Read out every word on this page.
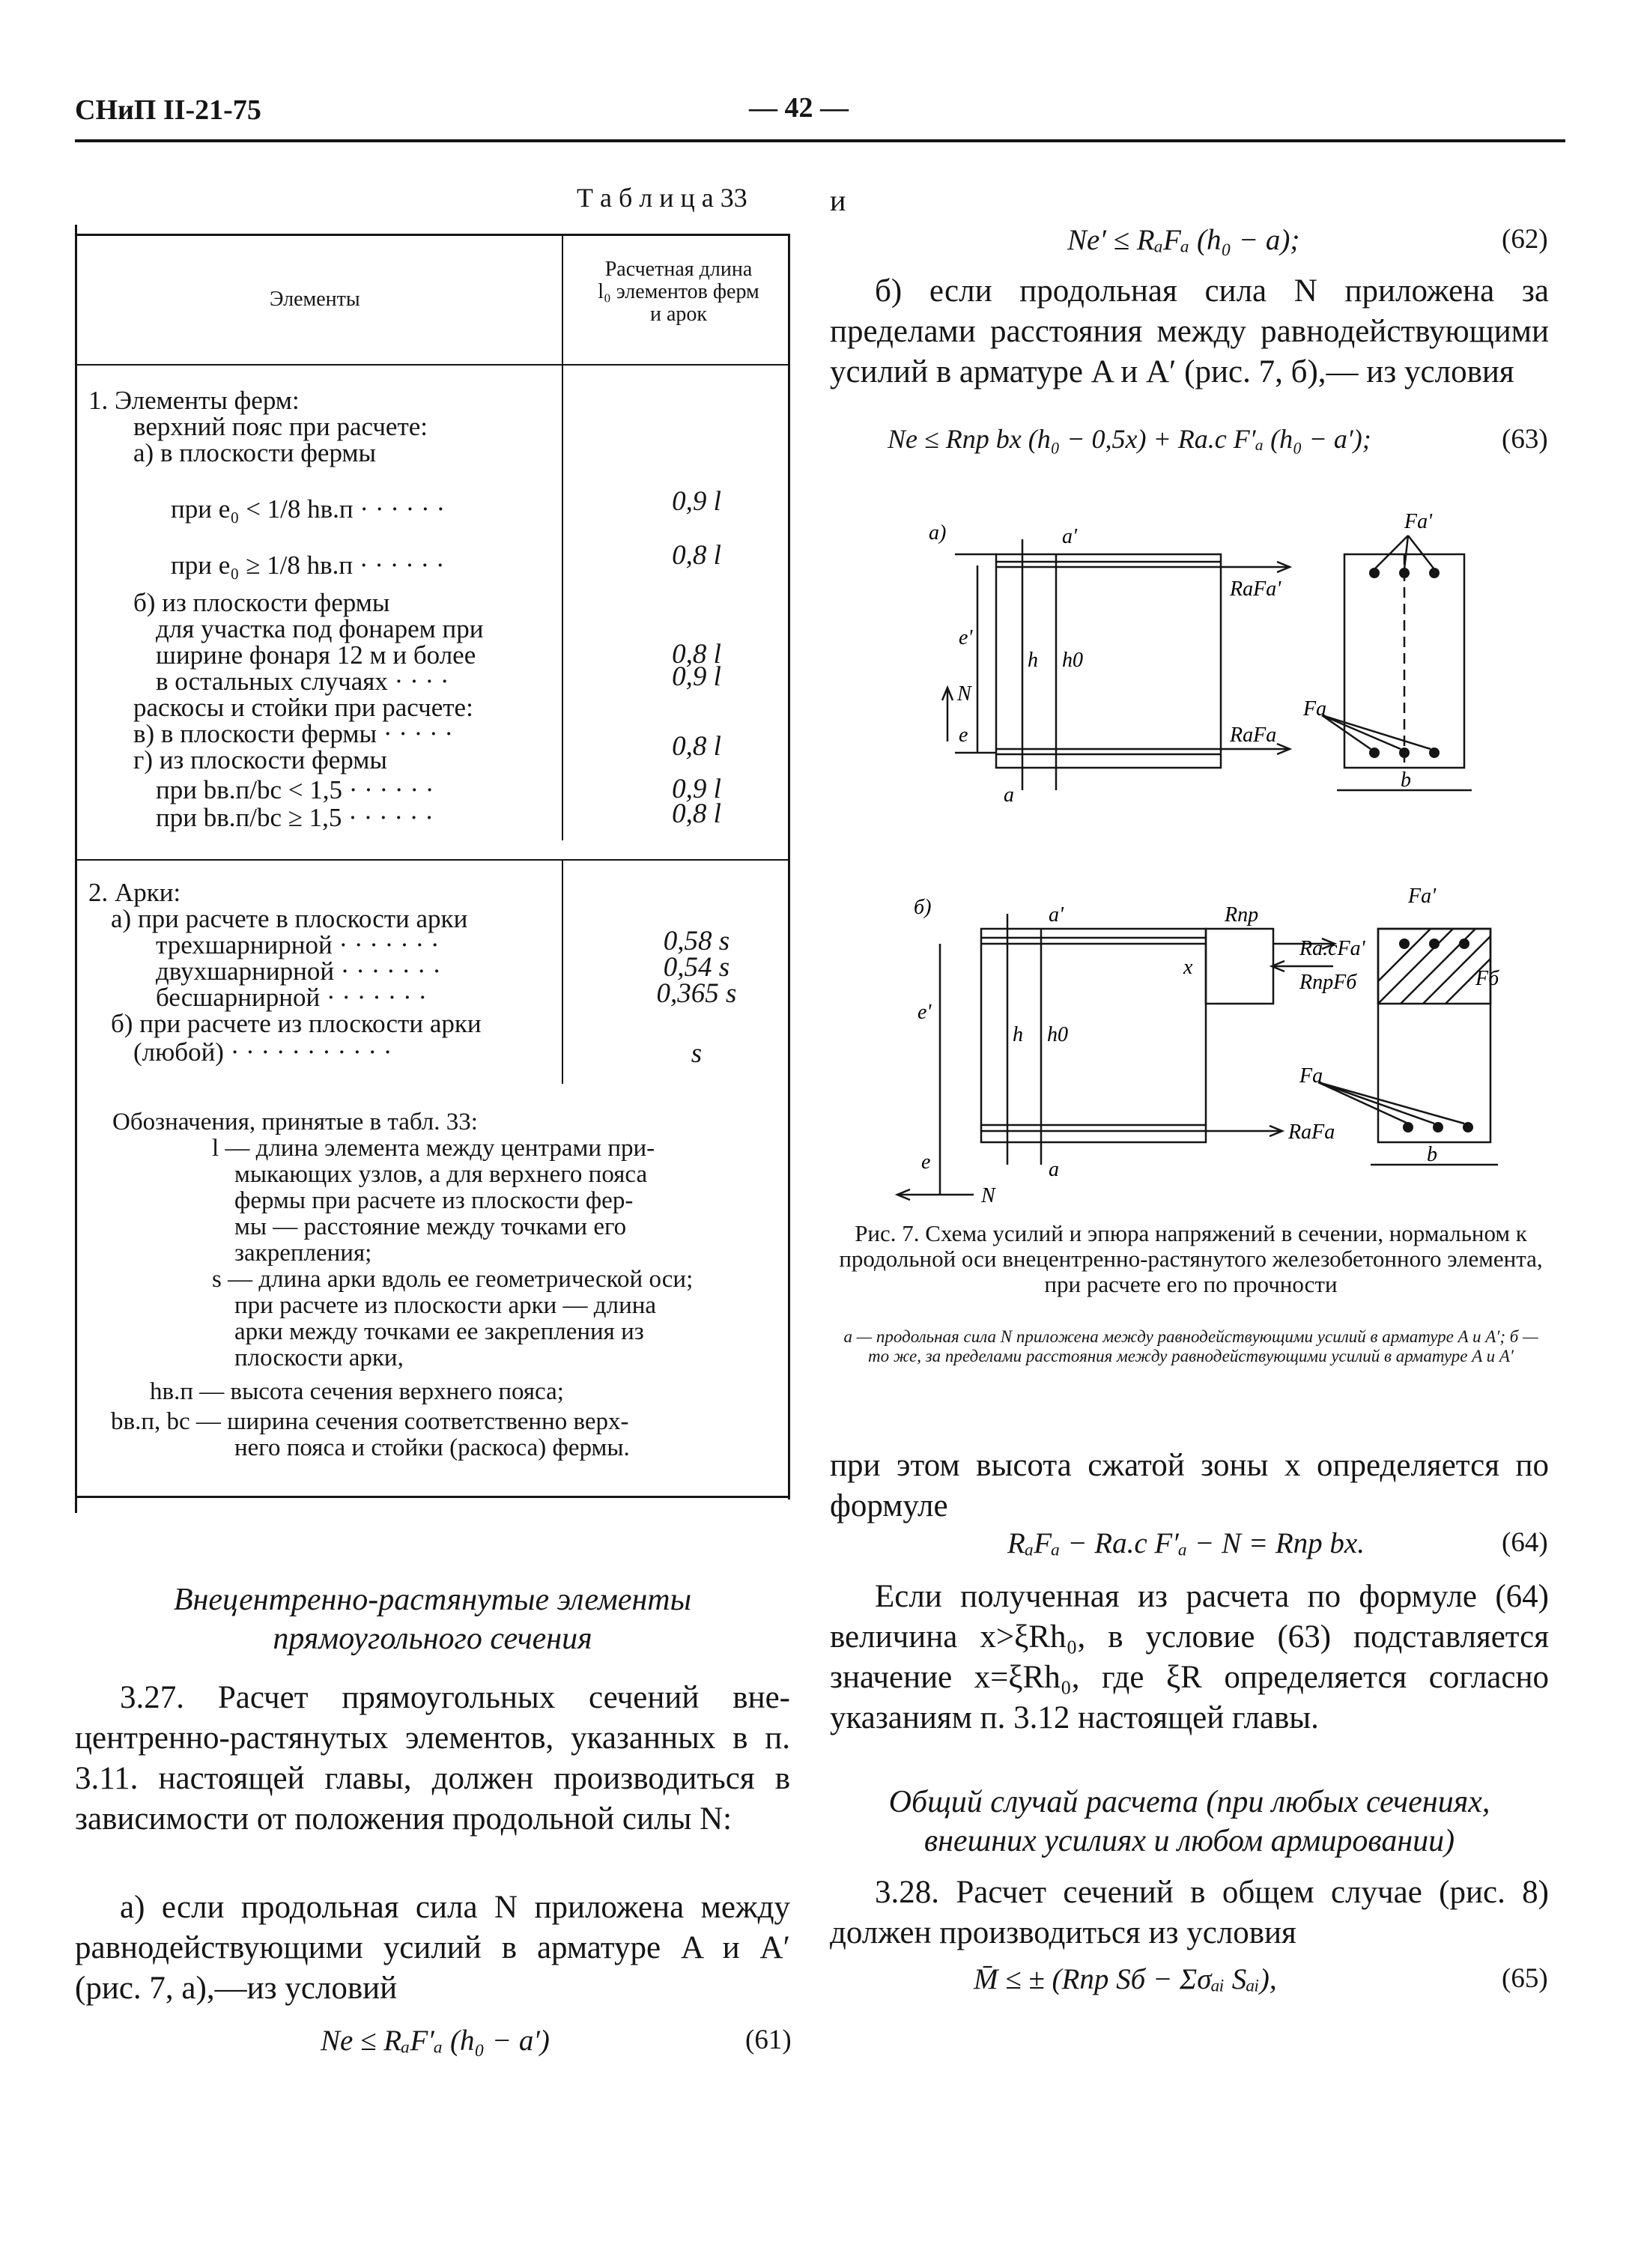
СНиП II-21-75	— 42 —
Т а б л и ц а 33
Элементы
Расчетная длина
l₀ элементов ферм
и арок
1. Элементы ферм:
верхний пояс при расчете:
а) в плоскости фермы
при e₀ < 1/8 hв.п · · · · · ·	0,9 l
при e₀ ≥ 1/8 hв.п · · · · · ·	0,8 l
б) из плоскости фермы
для участка под фонарем при
ширине фонаря 12 м и более	0,8 l
в остальных случаях · · · ·	0,9 l
раскосы и стойки при расчете:
в) в плоскости фермы · · · · ·	0,8 l
г) из плоскости фермы
при bв.п/bс < 1,5 · · · · · ·	0,9 l
при bв.п/bс ≥ 1,5 · · · · · ·	0,8 l
2. Арки:
а) при расчете в плоскости арки
трехшарнирной · · · · · · ·	0,58 s
двухшарнирной · · · · · · ·	0,54 s
бесшарнирной · · · · · · ·	0,365 s
б) при расчете из плоскости арки
(любой) · · · · · · · · · · ·	s
Обозначения, принятые в табл. 33:
l — длина элемента между центрами при-
мыкающих узлов, а для верхнего пояса
фермы при расчете из плоскости фер-
мы — расстояние между точками его
закрепления;
s — длина арки вдоль ее геометрической оси;
при расчете из плоскости арки — длина
арки между точками ее закрепления из
плоскости арки,
hв.п — высота сечения верхнего пояса;
bв.п, bс — ширина сечения соответственно верх-
него пояса и стойки (раскоса) фермы.
Внецентренно-растянутые элементы
прямоугольного сечения
3.27. Расчет прямоугольных сечений внецентренно-растянутых элементов, указанных в п. 3.11. настоящей главы, должен производиться в зависимости от положения продольной силы N:
а) если продольная сила N приложена между равнодействующими усилий в арматуре A и A′ (рис. 7, а),—из условий
Ne ≤ RₐF′ₐ (h₀ − a′)	(61)
и
Ne′ ≤ RₐFₐ (h₀ − a);	(62)
б) если продольная сила N приложена за пределами расстояния между равнодействующими усилий в арматуре A и A′ (рис. 7, б),— из условия
Ne ≤ Rпр bx (h₀ − 0,5x) + Rа.с F′ₐ (h₀ − a′);	(63)
а)	Fa'
RaFa'
Fa
RaFa
e'
h h0
N
e
a
a'
b
б)	Fa'
Rпр
Ra.cFa'
RпрFб	Fб
Fa
RaFa
x
e'
h h0
e	a
a'
N
b
Рис. 7. Схема усилий и эпюра напряжений в сечении, нормальном к продольной оси внецентренно-растянутого железобетонного элемента, при расчете его по прочности
а — продольная сила N приложена между равнодействующими усилий в арматуре A и A′; б — то же, за пределами расстояния между равнодействующими усилий в арматуре A и A′
при этом высота сжатой зоны x определяется по формуле
RₐFₐ − Rа.с F′ₐ − N = Rпр bx.	(64)
Если полученная из расчета по формуле (64) величина x>ξRh₀, в условие (63) подставляется значение x=ξRh₀, где ξR определяется согласно указаниям п. 3.12 настоящей главы.
Общий случай расчета (при любых сечениях,
внешних усилиях и любом армировании)
3.28. Расчет сечений в общем случае (рис. 8) должен производиться из условия
M̄ ≤ ± (Rпр Sб − Σσₐᵢ Sₐᵢ),	(65)
